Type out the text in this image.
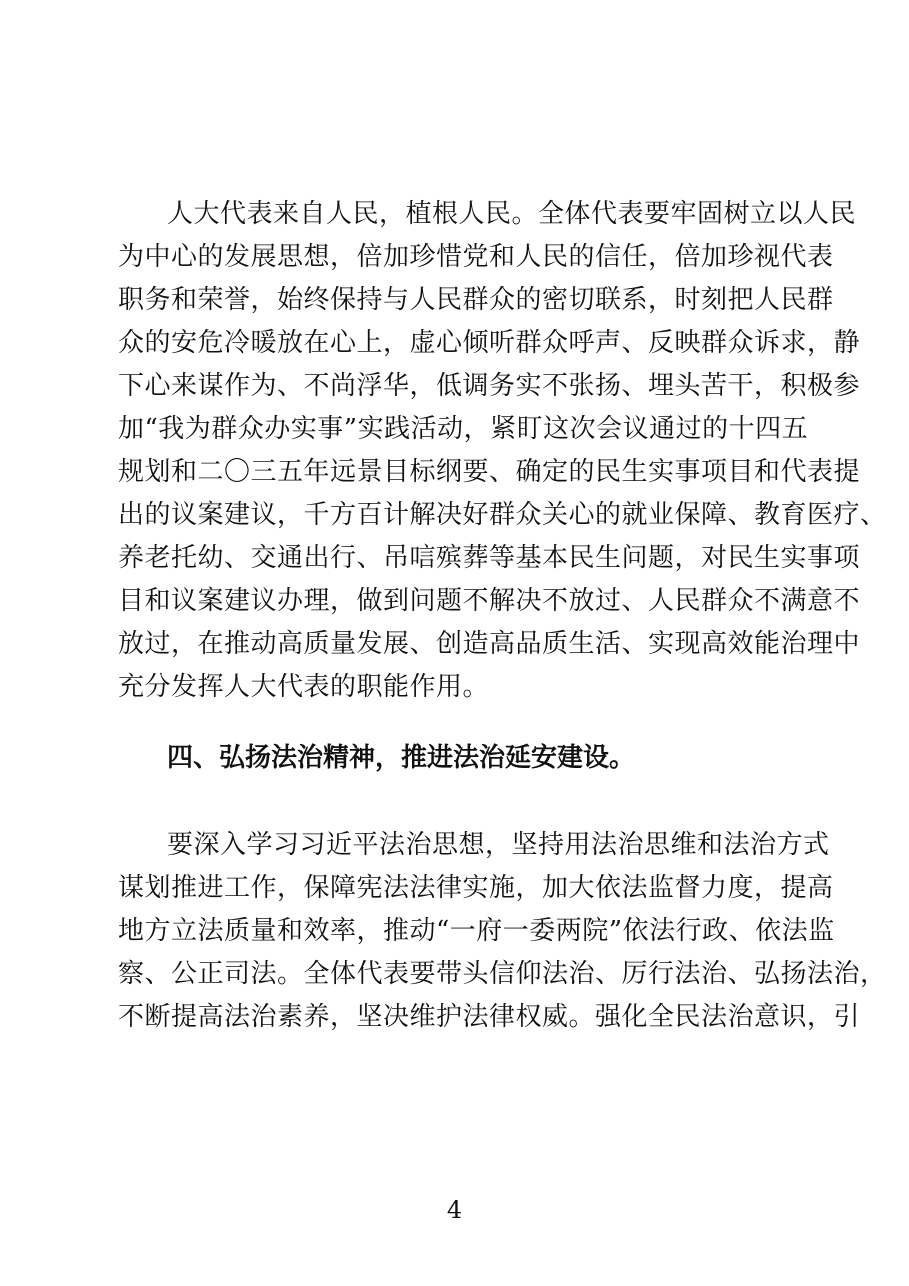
人大代表来自人民，植根人民。全体代表要牢固树立以人民
为中心的发展思想，倍加珍惜党和人民的信任，倍加珍视代表
职务和荣誉，始终保持与人民群众的密切联系，时刻把人民群
众的安危冷暖放在心上，虚心倾听群众呼声、反映群众诉求，静
下心来谋作为、不尚浮华，低调务实不张扬、埋头苦干，积极参
加“我为群众办实事”实践活动，紧盯这次会议通过的十四五
规划和二〇三五年远景目标纲要、确定的民生实事项目和代表提
出的议案建议，千方百计解决好群众关心的就业保障、教育医疗、
养老托幼、交通出行、吊唁殡葬等基本民生问题，对民生实事项
目和议案建议办理，做到问题不解决不放过、人民群众不满意不
放过，在推动高质量发展、创造高品质生活、实现高效能治理中
充分发挥人大代表的职能作用。
四、弘扬法治精神，推进法治延安建设。
要深入学习习近平法治思想，坚持用法治思维和法治方式
谋划推进工作，保障宪法法律实施，加大依法监督力度，提高
地方立法质量和效率，推动“一府一委两院”依法行政、依法监
察、公正司法。全体代表要带头信仰法治、厉行法治、弘扬法治，
不断提高法治素养，坚决维护法律权威。强化全民法治意识，引
4
